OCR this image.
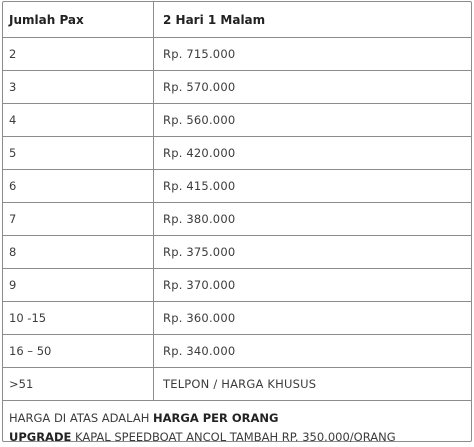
Jumlah Pax	2 Hari 1 Malam
2	Rp. 715.000
3	Rp. 570.000
4	Rp. 560.000
5	Rp. 420.000
6	Rp. 415.000
7	Rp. 380.000
8	Rp. 375.000
9	Rp. 370.000
10 -15	Rp. 360.000
16 – 50	Rp. 340.000
>51	TELPON / HARGA KHUSUS
HARGA DI ATAS ADALAH HARGA PER ORANG
UPGRADE KAPAL SPEEDBOAT ANCOL TAMBAH RP. 350.000/ORANG
